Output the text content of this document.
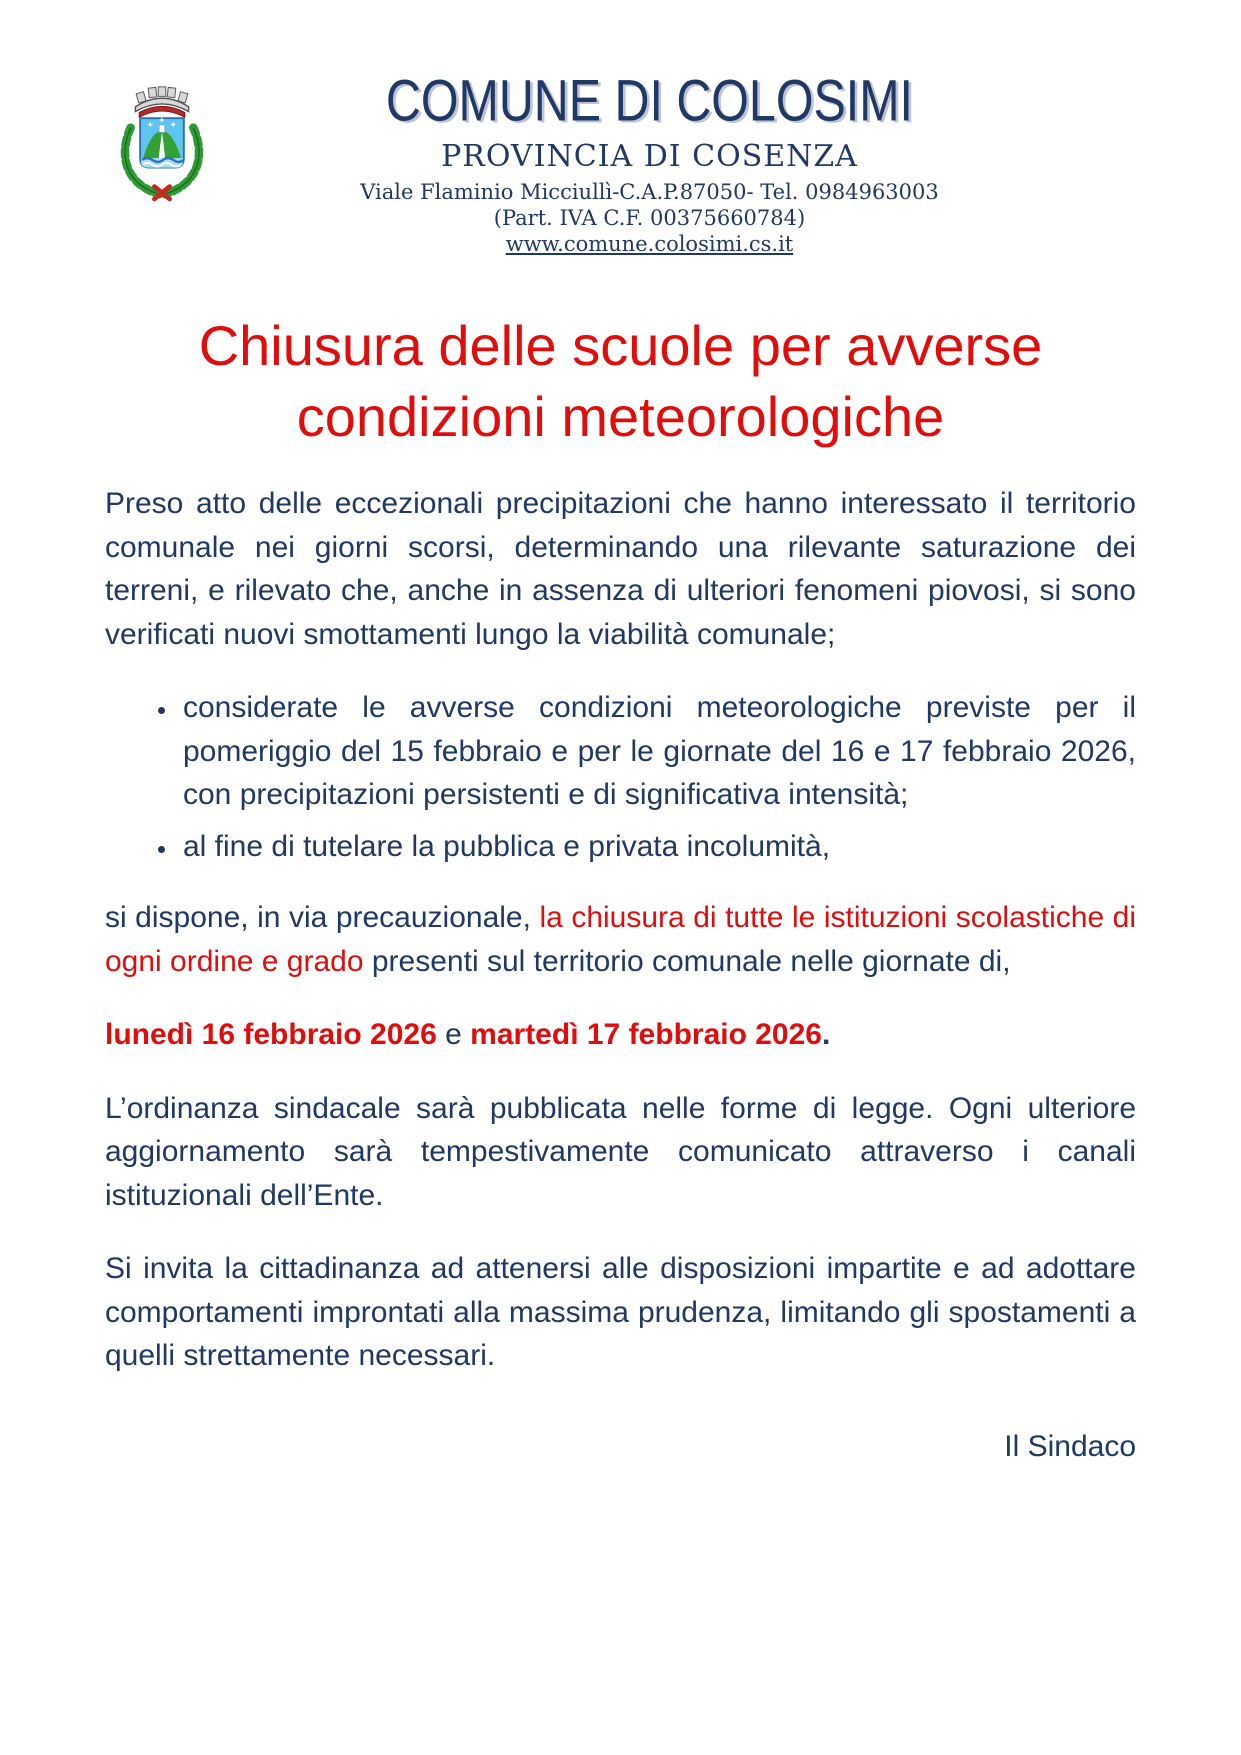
✦ ✦ ✦	COMUNE DI COLOSIMI
PROVINCIA DI COSENZA
Viale Flaminio Micciullì-C.A.P.87050- Tel. 0984963003
(Part. IVA C.F. 00375660784)
www.comune.colosimi.cs.it
Chiusura delle scuole per avverse condizioni meteorologiche

Preso atto delle eccezionali precipitazioni che hanno interessato il territorio comunale nei giorni scorsi, determinando una rilevante saturazione dei terreni, e rilevato che, anche in assenza di ulteriori fenomeni piovosi, si sono verificati nuovi smottamenti lungo la viabilità comunale;

• considerate le avverse condizioni meteorologiche previste per il pomeriggio del 15 febbraio e per le giornate del 16 e 17 febbraio 2026, con precipitazioni persistenti e di significativa intensità;
• al fine di tutelare la pubblica e privata incolumità,

si dispone, in via precauzionale, la chiusura di tutte le istituzioni scolastiche di ogni ordine e grado presenti sul territorio comunale nelle giornate di,

lunedì 16 febbraio 2026 e martedì 17 febbraio 2026.

L’ordinanza sindacale sarà pubblicata nelle forme di legge. Ogni ulteriore aggiornamento sarà tempestivamente comunicato attraverso i canali istituzionali dell’Ente.

Si invita la cittadinanza ad attenersi alle disposizioni impartite e ad adottare comportamenti improntati alla massima prudenza, limitando gli spostamenti a quelli strettamente necessari.

Il Sindaco
